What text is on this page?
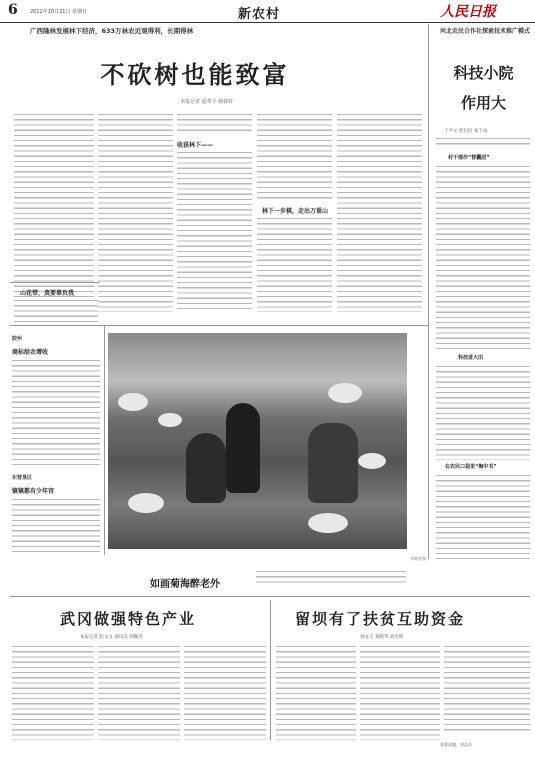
6 2012年10月21日 星期日	新农村	人民日报
广西隆林发展林下经济，633万林农近观得利，长期得林	河北农民合作社探索技术推广模式
不砍树也能致富
本报记者 庞革平 杨睿轩
收获林下——
林下一步棋，走出万重山
山花带，莫要辜负我
科技小院
作用大
丁尹文 赵启民 张于成
村干部作“智囊团”
科技进大田
在农民口袋里“掏中书”
胶州
商标给农增收
东营垦区
镇镇都有少年宫
李颜欣摄
如画菊海醉老外
武冈做强特色产业
本报记者 赵文文 通讯员 刘顺杰
留坝有了扶贫互助资金
刘文义 刘晓华 刘光辉
本版责编：刘志庆
